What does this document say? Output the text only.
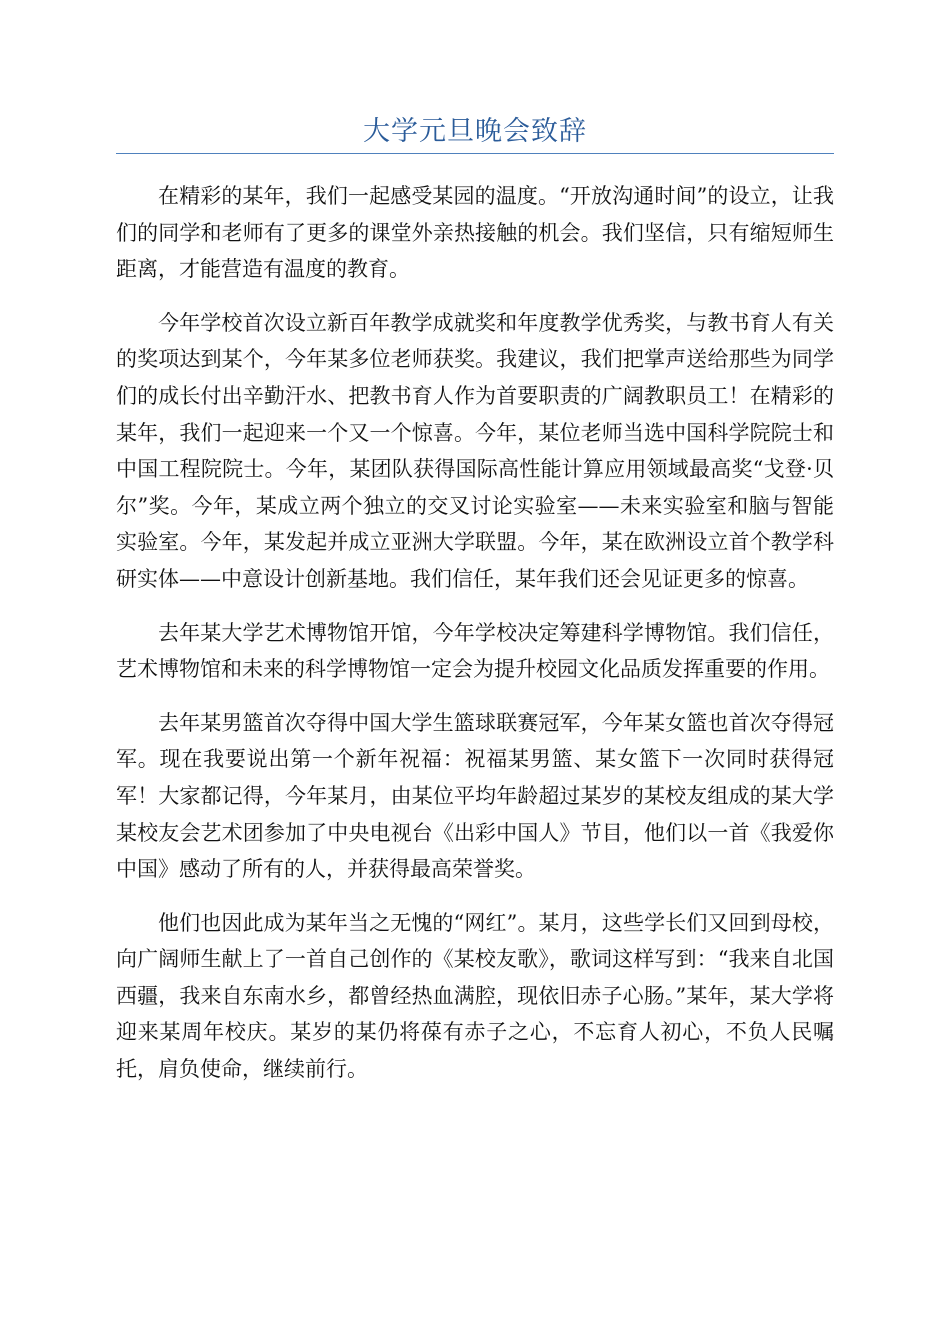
大学元旦晚会致辞

在精彩的某年，我们一起感受某园的温度。“开放沟通时间”的设立，让我们的同学和老师有了更多的课堂外亲热接触的机会。我们坚信，只有缩短师生距离，才能营造有温度的教育。

今年学校首次设立新百年教学成就奖和年度教学优秀奖，与教书育人有关的奖项达到某个，今年某多位老师获奖。我建议，我们把掌声送给那些为同学们的成长付出辛勤汗水、把教书育人作为首要职责的广阔教职员工！在精彩的某年，我们一起迎来一个又一个惊喜。今年，某位老师当选中国科学院院士和中国工程院院士。今年，某团队获得国际高性能计算应用领域最高奖“戈登·贝尔”奖。今年，某成立两个独立的交叉讨论实验室——未来实验室和脑与智能实验室。今年，某发起并成立亚洲大学联盟。今年，某在欧洲设立首个教学科研实体——中意设计创新基地。我们信任，某年我们还会见证更多的惊喜。

去年某大学艺术博物馆开馆，今年学校决定筹建科学博物馆。我们信任，艺术博物馆和未来的科学博物馆一定会为提升校园文化品质发挥重要的作用。

去年某男篮首次夺得中国大学生篮球联赛冠军，今年某女篮也首次夺得冠军。现在我要说出第一个新年祝福：祝福某男篮、某女篮下一次同时获得冠军！大家都记得，今年某月，由某位平均年龄超过某岁的某校友组成的某大学某校友会艺术团参加了中央电视台《出彩中国人》节目，他们以一首《我爱你中国》感动了所有的人，并获得最高荣誉奖。

他们也因此成为某年当之无愧的“网红”。某月，这些学长们又回到母校，向广阔师生献上了一首自己创作的《某校友歌》，歌词这样写到：“我来自北国西疆，我来自东南水乡，都曾经热血满腔，现依旧赤子心肠。”某年，某大学将迎来某周年校庆。某岁的某仍将葆有赤子之心，不忘育人初心，不负人民嘱托，肩负使命，继续前行。
